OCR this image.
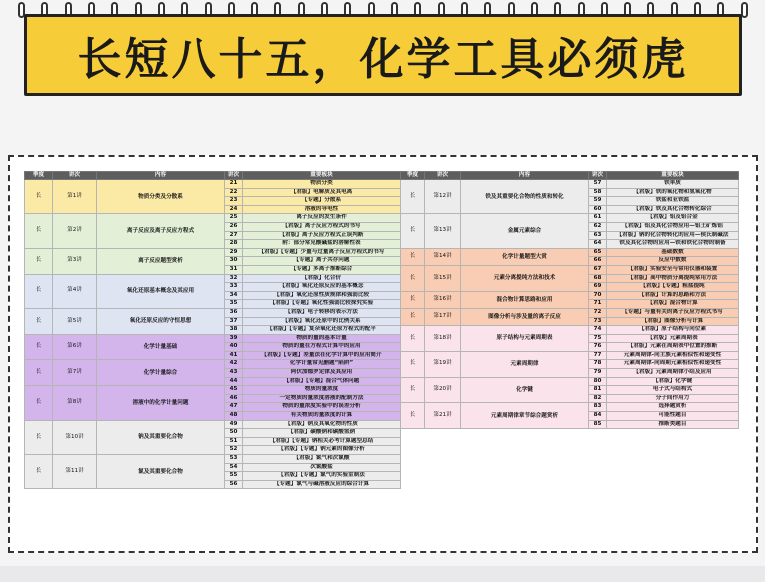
长短八十五，化学工具必须虎
季度	讲次	内容	讲次	重要板块
长	第1讲	物质分类及分散系	21	物质分类
			22	【君版】电解质及其电离
			23	【专题】分散系
			24	溶液的导电性
长	第2讲	离子反应及离子反应方程式	25	离子反应的发生条件
			26	【君版】离子反应方程式的书写
			27	【君版】离子反应方程式正误判断
			28	附：部分常见酸碱盐的溶解性表
长	第3讲	离子反应题型赏析	29	【君版】【专题】少量与过量离子反应方程式的书写
			30	【专题】离子共存问题
			31	【专题】多离子推断综合
长	第4讲	氧化还原基本概念及其应用	32	【君版】化合价
			33	【君版】氧化还原反应的基本概念
			34	【君版】氧化还原性质规律和强弱比较
			35	【君版】【专题】氧化性强弱比较探究实验
长	第5讲	氧化还原反应的守恒思想	36	【君版】电子转移的表示方法
			37	【君版】氧化还原中的比例关系
			38	【君版】【专题】复杂氧化还原方程式的配平
长	第6讲	化学计量基础	39	物质的量的基本计量
			40	物质的量在方程式计算中的应用
			41	【君版】【专题】差量法在化学计算中的应用简介
长	第7讲	化学计量综合	42	化学计量常见删题“陷阱”
			43	阿伏加德罗定律及其应用
			44	【君版】【专题】混合气体问题
长	第8讲	溶液中的化学计量问题	45	物质的量浓度
			46	一定物质的量浓度溶液的配制方法
			47	物质的量浓度实验中的误差分析
			48	有关物质的量浓度的计算
长	第10讲	钠及其重要化合物	49	【君版】钠及其氧化物的性质
			50	【君版】碳酸钠和碳酸氢钠
			51	【君版】【专题】钠相关必考计算题型总结
			52	【君版】【专题】钠元素的图像分析
长	第11讲	氯及其重要化合物	53	【君版】氯气和次氯酸
			54	次氯酸盐
			55	【君版】【专题】氯气的实验室制法
			56	【专题】氯气与碱溶液反应的综合计算
季度	讲次	内容	讲次	重要板块
长	第12讲	铁及其重要化合物的性质和转化	57	铁单质
			58	【君版】铁的氧化物和氢氧化物
			59	铁盐和亚铁盐
			60	【君版】铁及其化合物转化综合
长	第13讲	金属元素综合	61	【君版】铝及铝合金
			62	【君版】铝及其化合物应用—铝土矿炼铝
			63	【君版】钠的化合物转化的应用—侯氏制碱法
			64	铁及其化合物的应用—铁和铁化合物的制备
长	第14讲	化学计量题型大赏	65	基础数数
			66	反应中数数
长	第15讲	元素分离提纯方法和技术	67	【君版】实验安全与常用仪器和装置
			68	【君版】高中物质分离提纯常用方法
			69	【君版】【专题】粗盐提纯
长	第16讲	混合物计算思路和应用	70	【君版】计算的思路和方法
			71	【君版】混合物计算
长	第17讲	图像分析与涉及量的离子反应	72	【专题】与量有关的离子反应方程式书写
			73	【君版】图像分析与计算
长	第18讲	原子结构与元素周期表	74	【君版】原子结构与同位素
			75	【君版】元素周期表
			76	【君版】元素在周期表中位置的推断
长	第19讲	元素周期律	77	元素周期律-同主族元素相似性和递变性
			78	元素周期律-同周期元素相似性和递变性
			79	【君版】元素周期律小结及应用
长	第20讲	化学键	80	【君版】化学键
			81	电子式与结构式
			82	分子间作用力
长	第21讲	元素周期律章节综合题赏析	83	选择题赏析
			84	可能性题目
			85	推断类题目
